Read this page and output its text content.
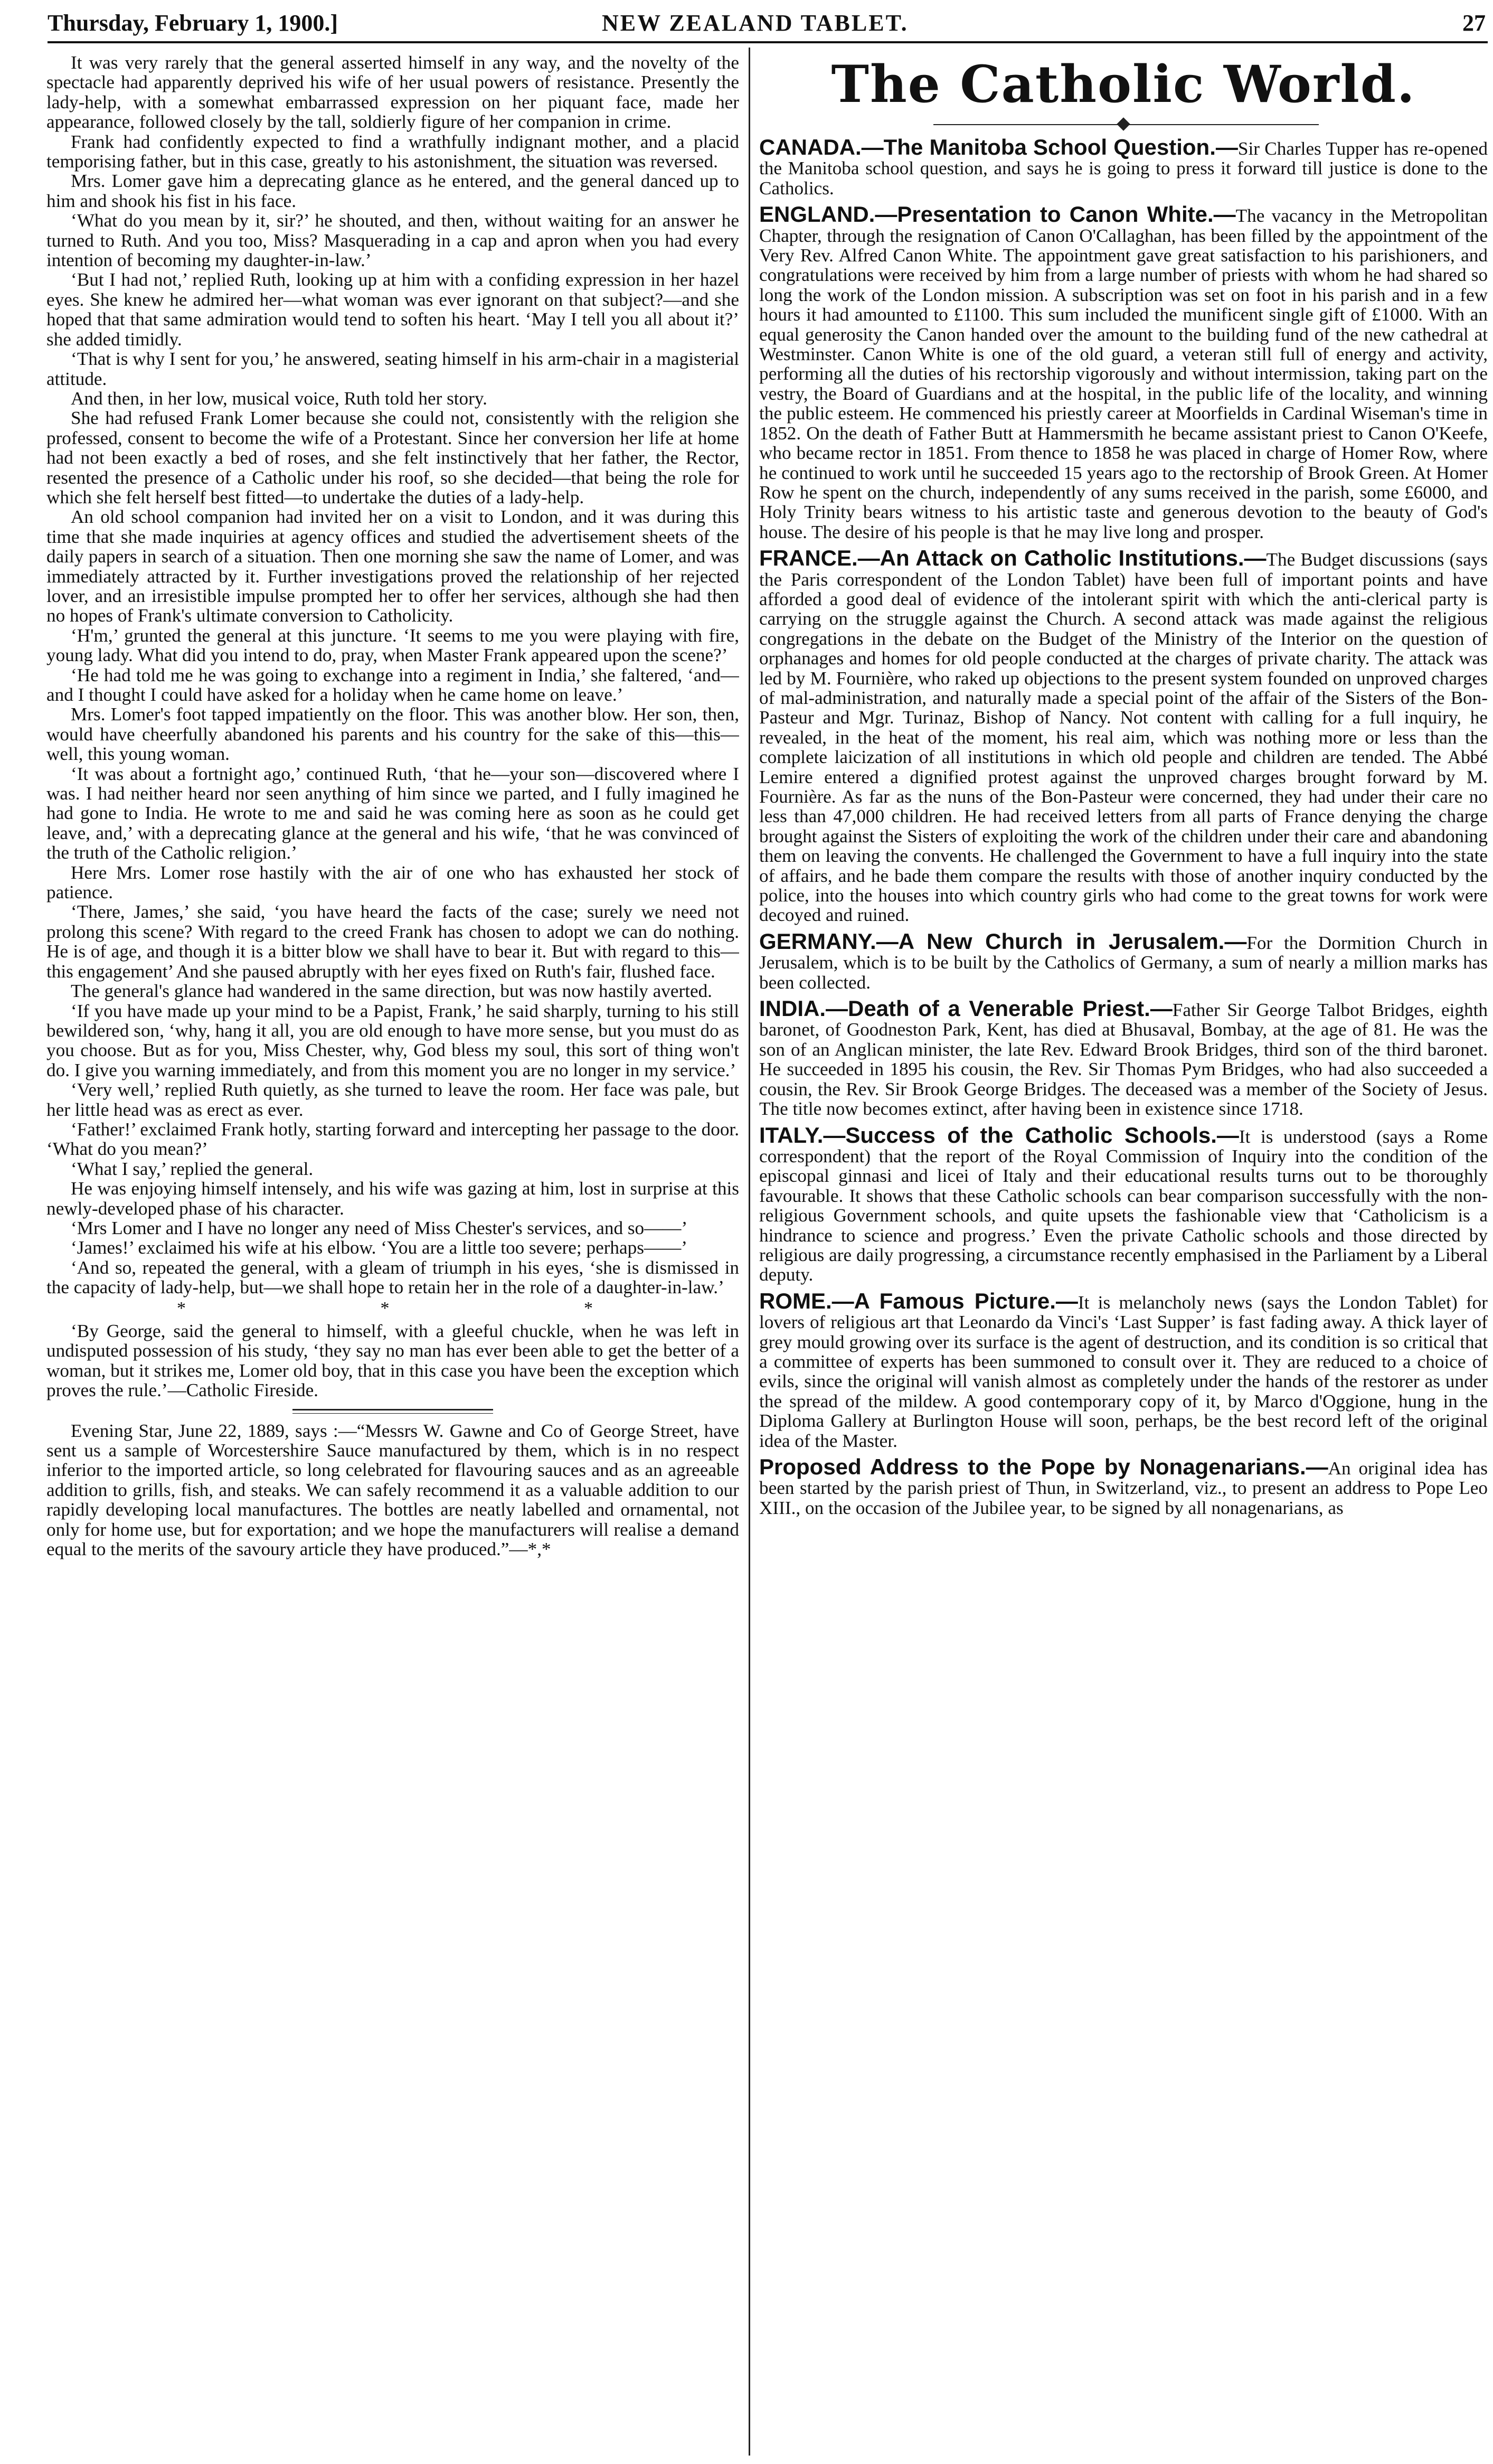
Thursday, February 1, 1900.]	NEW ZEALAND TABLET.	27

It was very rarely that the general asserted himself in any way, and the novelty of the spectacle had apparently deprived his wife of her usual powers of resistance. Presently the lady-help, with a somewhat embarrassed expression on her piquant face, made her appearance, followed closely by the tall, soldierly figure of her companion in crime.

Frank had confidently expected to find a wrathfully indignant mother, and a placid temporising father, but in this case, greatly to his astonishment, the situation was reversed.

Mrs. Lomer gave him a deprecating glance as he entered, and the general danced up to him and shook his fist in his face.

‘What do you mean by it, sir?’ he shouted, and then, without waiting for an answer he turned to Ruth. And you too, Miss? Masquerading in a cap and apron when you had every intention of becoming my daughter-in-law.’

‘But I had not,’ replied Ruth, looking up at him with a confiding expression in her hazel eyes. She knew he admired her—what woman was ever ignorant on that subject?—and she hoped that that same admiration would tend to soften his heart. ‘May I tell you all about it?’ she added timidly.

‘That is why I sent for you,’ he answered, seating himself in his arm-chair in a magisterial attitude.

And then, in her low, musical voice, Ruth told her story.

She had refused Frank Lomer because she could not, consistently with the religion she professed, consent to become the wife of a Protestant. Since her conversion her life at home had not been exactly a bed of roses, and she felt instinctively that her father, the Rector, resented the presence of a Catholic under his roof, so she decided—that being the role for which she felt herself best fitted—to undertake the duties of a lady-help.

An old school companion had invited her on a visit to London, and it was during this time that she made inquiries at agency offices and studied the advertisement sheets of the daily papers in search of a situation. Then one morning she saw the name of Lomer, and was immediately attracted by it. Further investigations proved the relationship of her rejected lover, and an irresistible impulse prompted her to offer her services, although she had then no hopes of Frank's ultimate conversion to Catholicity.

‘H'm,’ grunted the general at this juncture. ‘It seems to me you were playing with fire, young lady. What did you intend to do, pray, when Master Frank appeared upon the scene?’

‘He had told me he was going to exchange into a regiment in India,’ she faltered, ‘and—and I thought I could have asked for a holiday when he came home on leave.’

Mrs. Lomer's foot tapped impatiently on the floor. This was another blow. Her son, then, would have cheerfully abandoned his parents and his country for the sake of this—this—well, this young woman.

‘It was about a fortnight ago,’ continued Ruth, ‘that he—your son—discovered where I was. I had neither heard nor seen anything of him since we parted, and I fully imagined he had gone to India. He wrote to me and said he was coming here as soon as he could get leave, and,’ with a deprecating glance at the general and his wife, ‘that he was convinced of the truth of the Catholic religion.’

Here Mrs. Lomer rose hastily with the air of one who has exhausted her stock of patience.

‘There, James,’ she said, ‘you have heard the facts of the case; surely we need not prolong this scene? With regard to the creed Frank has chosen to adopt we can do nothing. He is of age, and though it is a bitter blow we shall have to bear it. But with regard to this—this engagement’ And she paused abruptly with her eyes fixed on Ruth's fair, flushed face.

The general's glance had wandered in the same direction, but was now hastily averted.

‘If you have made up your mind to be a Papist, Frank,’ he said sharply, turning to his still bewildered son, ‘why, hang it all, you are old enough to have more sense, but you must do as you choose. But as for you, Miss Chester, why, God bless my soul, this sort of thing won't do. I give you warning immediately, and from this moment you are no longer in my service.’

‘Very well,’ replied Ruth quietly, as she turned to leave the room. Her face was pale, but her little head was as erect as ever.

‘Father!’ exclaimed Frank hotly, starting forward and intercepting her passage to the door. ‘What do you mean?’

‘What I say,’ replied the general.

He was enjoying himself intensely, and his wife was gazing at him, lost in surprise at this newly-developed phase of his character.

‘Mrs Lomer and I have no longer any need of Miss Chester's services, and so——’

‘James!’ exclaimed his wife at his elbow. ‘You are a little too severe; perhaps——’

‘And so, repeated the general, with a gleam of triumph in his eyes, ‘she is dismissed in the capacity of lady-help, but—we shall hope to retain her in the role of a daughter-in-law.’

* * *

‘By George, said the general to himself, with a gleeful chuckle, when he was left in undisputed possession of his study, ‘they say no man has ever been able to get the better of a woman, but it strikes me, Lomer old boy, that in this case you have been the exception which proves the rule.’—Catholic Fireside.

Evening Star, June 22, 1889, says :—“Messrs W. Gawne and Co of George Street, have sent us a sample of Worcestershire Sauce manufactured by them, which is in no respect inferior to the imported article, so long celebrated for flavouring sauces and as an agreeable addition to grills, fish, and steaks. We can safely recommend it as a valuable addition to our rapidly developing local manufactures. The bottles are neatly labelled and ornamental, not only for home use, but for exportation; and we hope the manufacturers will realise a demand equal to the merits of the savoury article they have produced.”—*,*

The Catholic World.

CANADA.—The Manitoba School Question.—Sir Charles Tupper has re-opened the Manitoba school question, and says he is going to press it forward till justice is done to the Catholics.

ENGLAND.—Presentation to Canon White.—The vacancy in the Metropolitan Chapter, through the resignation of Canon O'Callaghan, has been filled by the appointment of the Very Rev. Alfred Canon White. The appointment gave great satisfaction to his parishioners, and congratulations were received by him from a large number of priests with whom he had shared so long the work of the London mission. A subscription was set on foot in his parish and in a few hours it had amounted to £1100. This sum included the munificent single gift of £1000. With an equal generosity the Canon handed over the amount to the building fund of the new cathedral at Westminster. Canon White is one of the old guard, a veteran still full of energy and activity, performing all the duties of his rectorship vigorously and without intermission, taking part on the vestry, the Board of Guardians and at the hospital, in the public life of the locality, and winning the public esteem. He commenced his priestly career at Moorfields in Cardinal Wiseman's time in 1852. On the death of Father Butt at Hammersmith he became assistant priest to Canon O'Keefe, who became rector in 1851. From thence to 1858 he was placed in charge of Homer Row, where he continued to work until he succeeded 15 years ago to the rectorship of Brook Green. At Homer Row he spent on the church, independently of any sums received in the parish, some £6000, and Holy Trinity bears witness to his artistic taste and generous devotion to the beauty of God's house. The desire of his people is that he may live long and prosper.

FRANCE.—An Attack on Catholic Institutions.—The Budget discussions (says the Paris correspondent of the London Tablet) have been full of important points and have afforded a good deal of evidence of the intolerant spirit with which the anti-clerical party is carrying on the struggle against the Church. A second attack was made against the religious congregations in the debate on the Budget of the Ministry of the Interior on the question of orphanages and homes for old people conducted at the charges of private charity. The attack was led by M. Fournière, who raked up objections to the present system founded on unproved charges of mal-administration, and naturally made a special point of the affair of the Sisters of the Bon-Pasteur and Mgr. Turinaz, Bishop of Nancy. Not content with calling for a full inquiry, he revealed, in the heat of the moment, his real aim, which was nothing more or less than the complete laicization of all institutions in which old people and children are tended. The Abbé Lemire entered a dignified protest against the unproved charges brought forward by M. Fournière. As far as the nuns of the Bon-Pasteur were concerned, they had under their care no less than 47,000 children. He had received letters from all parts of France denying the charge brought against the Sisters of exploiting the work of the children under their care and abandoning them on leaving the convents. He challenged the Government to have a full inquiry into the state of affairs, and he bade them compare the results with those of another inquiry conducted by the police, into the houses into which country girls who had come to the great towns for work were decoyed and ruined.

GERMANY.—A New Church in Jerusalem.—For the Dormition Church in Jerusalem, which is to be built by the Catholics of Germany, a sum of nearly a million marks has been collected.

INDIA.—Death of a Venerable Priest.—Father Sir George Talbot Bridges, eighth baronet, of Goodneston Park, Kent, has died at Bhusaval, Bombay, at the age of 81. He was the son of an Anglican minister, the late Rev. Edward Brook Bridges, third son of the third baronet. He succeeded in 1895 his cousin, the Rev. Sir Thomas Pym Bridges, who had also succeeded a cousin, the Rev. Sir Brook George Bridges. The deceased was a member of the Society of Jesus. The title now becomes extinct, after having been in existence since 1718.

ITALY.—Success of the Catholic Schools.—It is understood (says a Rome correspondent) that the report of the Royal Commission of Inquiry into the condition of the episcopal ginnasi and licei of Italy and their educational results turns out to be thoroughly favourable. It shows that these Catholic schools can bear comparison successfully with the non-religious Government schools, and quite upsets the fashionable view that ‘Catholicism is a hindrance to science and progress.’ Even the private Catholic schools and those directed by religious are daily progressing, a circumstance recently emphasised in the Parliament by a Liberal deputy.

ROME.—A Famous Picture.—It is melancholy news (says the London Tablet) for lovers of religious art that Leonardo da Vinci's ‘Last Supper’ is fast fading away. A thick layer of grey mould growing over its surface is the agent of destruction, and its condition is so critical that a committee of experts has been summoned to consult over it. They are reduced to a choice of evils, since the original will vanish almost as completely under the hands of the restorer as under the spread of the mildew. A good contemporary copy of it, by Marco d'Oggione, hung in the Diploma Gallery at Burlington House will soon, perhaps, be the best record left of the original idea of the Master.

Proposed Address to the Pope by Nonagenarians.—An original idea has been started by the parish priest of Thun, in Switzerland, viz., to present an address to Pope Leo XIII., on the occasion of the Jubilee year, to be signed by all nonagenarians, as
